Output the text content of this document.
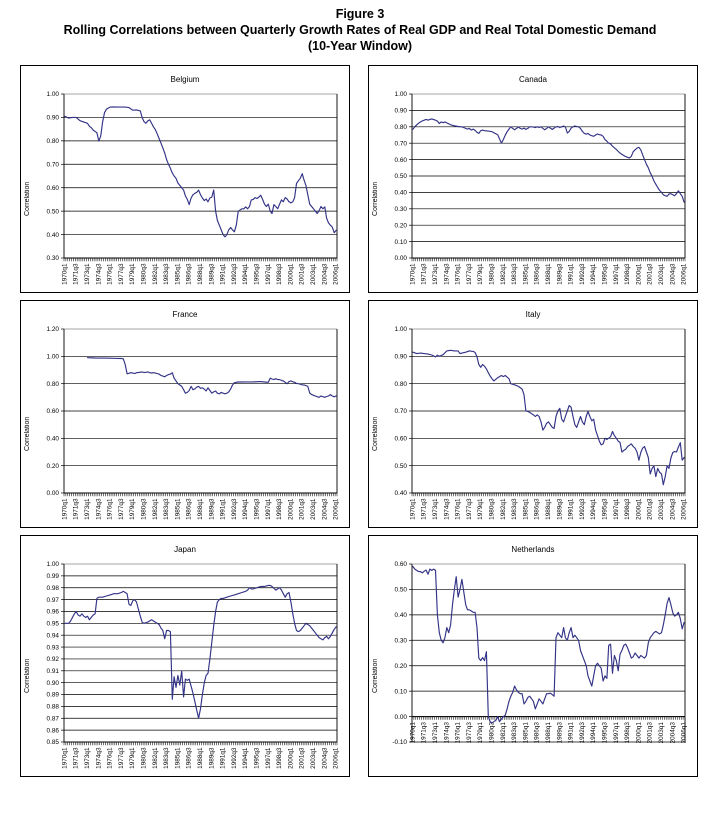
Figure 3
Rolling Correlations between Quarterly Growth Rates of Real GDP and Real Total Domestic Demand
(10-Year Window)
Belgium
Correlation
0.30
0.40
0.50
0.60
0.70
0.80
0.90
1.00
1970q1 1971q3 1973q1 1974q3 1976q1 1977q3 1979q1 1980q3 1982q1 1983q3 1985q1 1986q3 1988q1 1989q3 1991q1 1992q3 1994q1 1995q3 1997q1 1998q3 2000q1 2001q3 2003q1 2004q3 2006q1
Canada
Correlation
0.00
0.10
0.20
0.30
0.40
0.50
0.60
0.70
0.80
0.90
1.00
1970q1 1971q3 1973q1 1974q3 1976q1 1977q3 1979q1 1980q3 1982q1 1983q3 1985q1 1986q3 1988q1 1989q3 1991q1 1992q3 1994q1 1995q3 1997q1 1998q3 2000q1 2001q3 2003q1 2004q3 2006q1
France
Correlation
0.00
0.20
0.40
0.60
0.80
1.00
1.20
1970q1 1971q3 1973q1 1974q3 1976q1 1977q3 1979q1 1980q3 1982q1 1983q3 1985q1 1986q3 1988q1 1989q3 1991q1 1992q3 1994q1 1995q3 1997q1 1998q3 2000q1 2001q3 2003q1 2004q3 2006q1
Italy
Correlation
0.40
0.50
0.60
0.70
0.80
0.90
1.00
1970q1 1971q3 1973q1 1974q3 1976q1 1977q3 1979q1 1980q3 1982q1 1983q3 1985q1 1986q3 1988q1 1989q3 1991q1 1992q3 1994q1 1995q3 1997q1 1998q3 2000q1 2001q3 2003q1 2004q3 2006q1
Japan
Correlation
0.85
0.86
0.87
0.88
0.89
0.90
0.91
0.92
0.93
0.94
0.95
0.96
0.97
0.98
0.99
1.00
1970q1 1971q3 1973q1 1974q3 1976q1 1977q3 1979q1 1980q3 1982q1 1983q3 1985q1 1986q3 1988q1 1989q3 1991q1 1992q3 1994q1 1995q3 1997q1 1998q3 2000q1 2001q3 2003q1 2004q3 2006q1
Netherlands
Correlation
-0.10
0.00
0.10
0.20
0.30
0.40
0.50
0.60
1970q1 1971q3 1973q1 1974q3 1976q1 1977q3 1979q1 1980q3 1982q1 1983q3 1985q1 1986q3 1988q1 1989q3 1991q1 1992q3 1994q1 1995q3 1997q1 1998q3 2000q1 2001q3 2003q1 2004q3 2006q1
